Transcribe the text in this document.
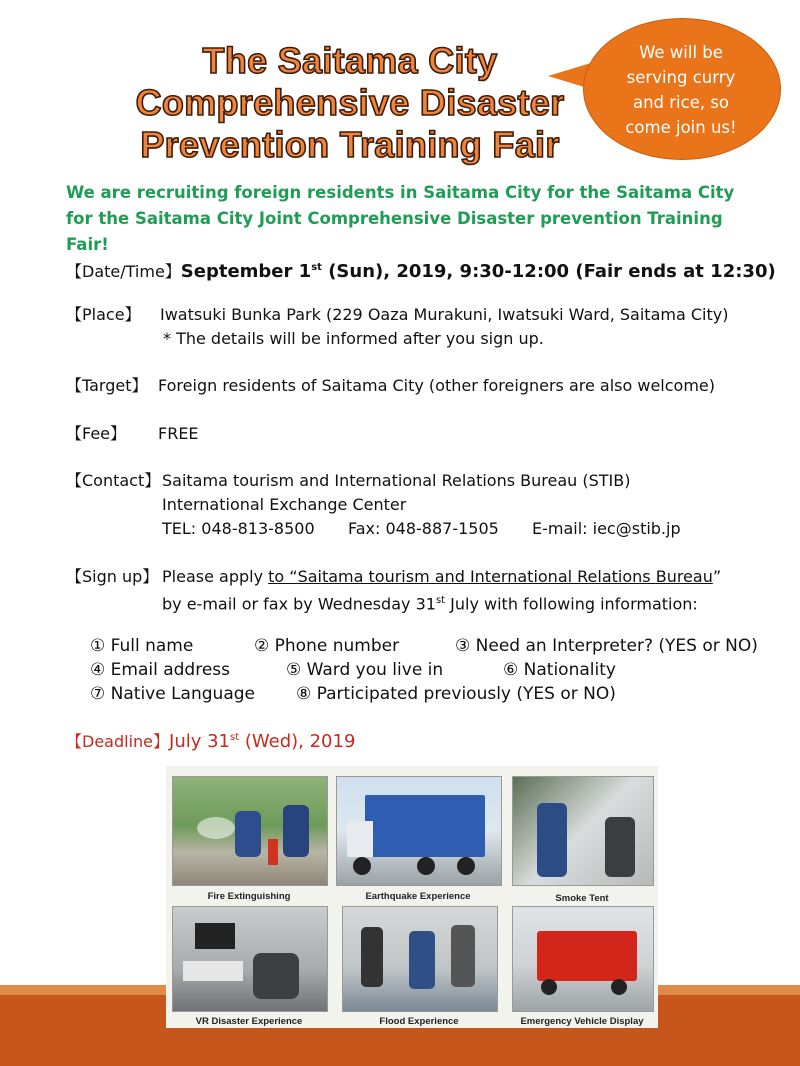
The Saitama City
Comprehensive Disaster
Prevention Training Fair
We will be
serving curry
and rice, so
come join us!
We are recruiting foreign residents in Saitama City for the Saitama City for the Saitama City Joint Comprehensive Disaster prevention Training Fair!
【Date/Time】September 1st (Sun), 2019, 9:30-12:00 (Fair ends at 12:30)
【Place】 Iwatsuki Bunka Park (229 Oaza Murakuni, Iwatsuki Ward, Saitama City)
* The details will be informed after you sign up.
【Target】 Foreign residents of Saitama City (other foreigners are also welcome)
【Fee】 FREE
【Contact】 Saitama tourism and International Relations Bureau (STIB)
International Exchange Center
TEL: 048-813-8500 Fax: 048-887-1505 E-mail: iec@stib.jp
【Sign up】 Please apply to “Saitama tourism and International Relations Bureau”
by e-mail or fax by Wednesday 31st July with following information:
① Full name	② Phone number	③ Need an Interpreter? (YES or NO)
④ Email address	⑤ Ward you live in	⑥ Nationality
⑦ Native Language ⑧ Participated previously (YES or NO)
【Deadline】July 31st (Wed), 2019
Fire Extinguishing	Earthquake Experience	Smoke Tent
VR Disaster Experience	Flood Experience	Emergency Vehicle Display
